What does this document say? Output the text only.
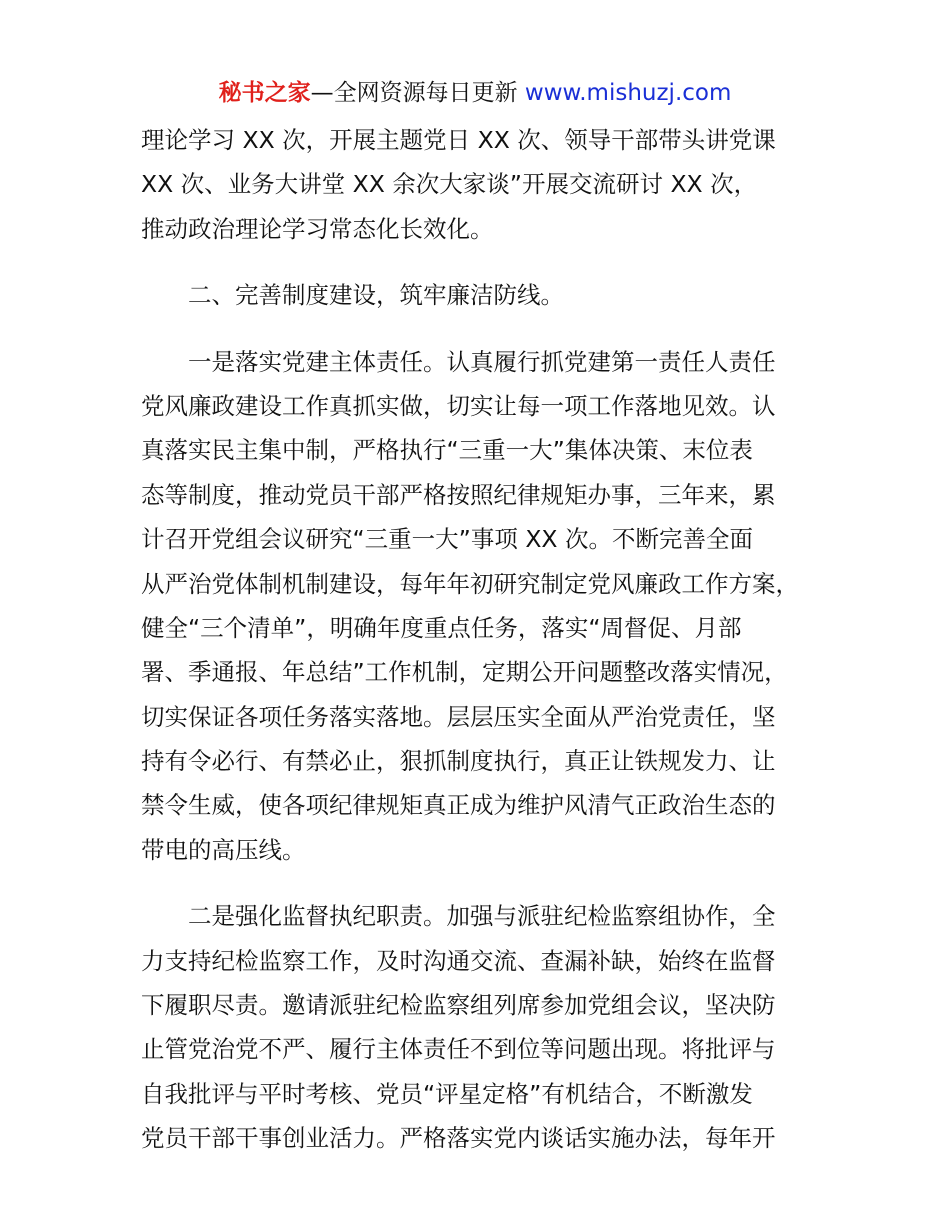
秘书之家—全网资源每日更新 www.mishuzj.com
理论学习 XX 次，开展主题党日 XX 次、领导干部带头讲党课
XX 次、业务大讲堂 XX 余次大家谈”开展交流研讨 XX 次，
推动政治理论学习常态化长效化。
二、完善制度建设，筑牢廉洁防线。
一是落实党建主体责任。认真履行抓党建第一责任人责任
党风廉政建设工作真抓实做，切实让每一项工作落地见效。认
真落实民主集中制，严格执行“三重一大”集体决策、末位表
态等制度，推动党员干部严格按照纪律规矩办事，三年来，累
计召开党组会议研究“三重一大”事项 XX 次。不断完善全面
从严治党体制机制建设，每年年初研究制定党风廉政工作方案，
健全“三个清单”，明确年度重点任务，落实“周督促、月部
署、季通报、年总结”工作机制，定期公开问题整改落实情况，
切实保证各项任务落实落地。层层压实全面从严治党责任，坚
持有令必行、有禁必止，狠抓制度执行，真正让铁规发力、让
禁令生威，使各项纪律规矩真正成为维护风清气正政治生态的
带电的高压线。
二是强化监督执纪职责。加强与派驻纪检监察组协作，全
力支持纪检监察工作，及时沟通交流、查漏补缺，始终在监督
下履职尽责。邀请派驻纪检监察组列席参加党组会议，坚决防
止管党治党不严、履行主体责任不到位等问题出现。将批评与
自我批评与平时考核、党员“评星定格”有机结合，不断激发
党员干部干事创业活力。严格落实党内谈话实施办法，每年开
